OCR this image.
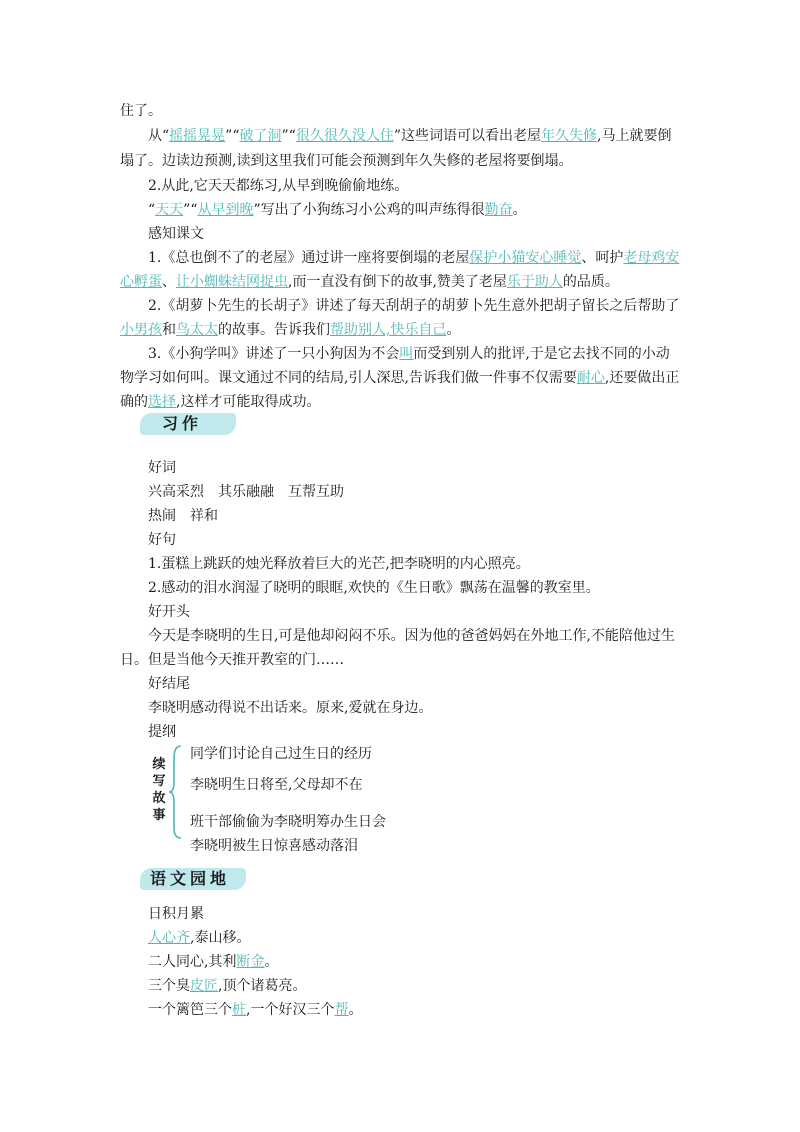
住了。
从“摇摇晃晃”“破了洞”“很久很久没人住”这些词语可以看出老屋年久失修,马上就要倒
塌了。边读边预测,读到这里我们可能会预测到年久失修的老屋将要倒塌。
2.从此,它天天都练习,从早到晚偷偷地练。
“天天”“从早到晚”写出了小狗练习小公鸡的叫声练得很勤奋。
感知课文
1.《总也倒不了的老屋》通过讲一座将要倒塌的老屋保护小猫安心睡觉、呵护老母鸡安
心孵蛋、让小蜘蛛结网捉虫,而一直没有倒下的故事,赞美了老屋乐于助人的品质。
2.《胡萝卜先生的长胡子》讲述了每天刮胡子的胡萝卜先生意外把胡子留长之后帮助了
小男孩和鸟太太的故事。告诉我们帮助别人,快乐自己。
3.《小狗学叫》讲述了一只小狗因为不会叫而受到别人的批评,于是它去找不同的小动
物学习如何叫。课文通过不同的结局,引人深思,告诉我们做一件事不仅需要耐心,还要做出正
确的选择,这样才可能取得成功。
习作
好词
兴高采烈　其乐融融　互帮互助
热闹　祥和
好句
1.蛋糕上跳跃的烛光释放着巨大的光芒,把李晓明的内心照亮。
2.感动的泪水润湿了晓明的眼眶,欢快的《生日歌》飘荡在温馨的教室里。
好开头
今天是李晓明的生日,可是他却闷闷不乐。因为他的爸爸妈妈在外地工作,不能陪他过生
日。但是当他今天推开教室的门……
好结尾
李晓明感动得说不出话来。原来,爱就在身边。
提纲
续写故事
同学们讨论自己过生日的经历
李晓明生日将至,父母却不在
班干部偷偷为李晓明筹办生日会
李晓明被生日惊喜感动落泪
语文园地
日积月累
人心齐,泰山移。
二人同心,其利断金。
三个臭皮匠,顶个诸葛亮。
一个篱笆三个桩,一个好汉三个帮。
